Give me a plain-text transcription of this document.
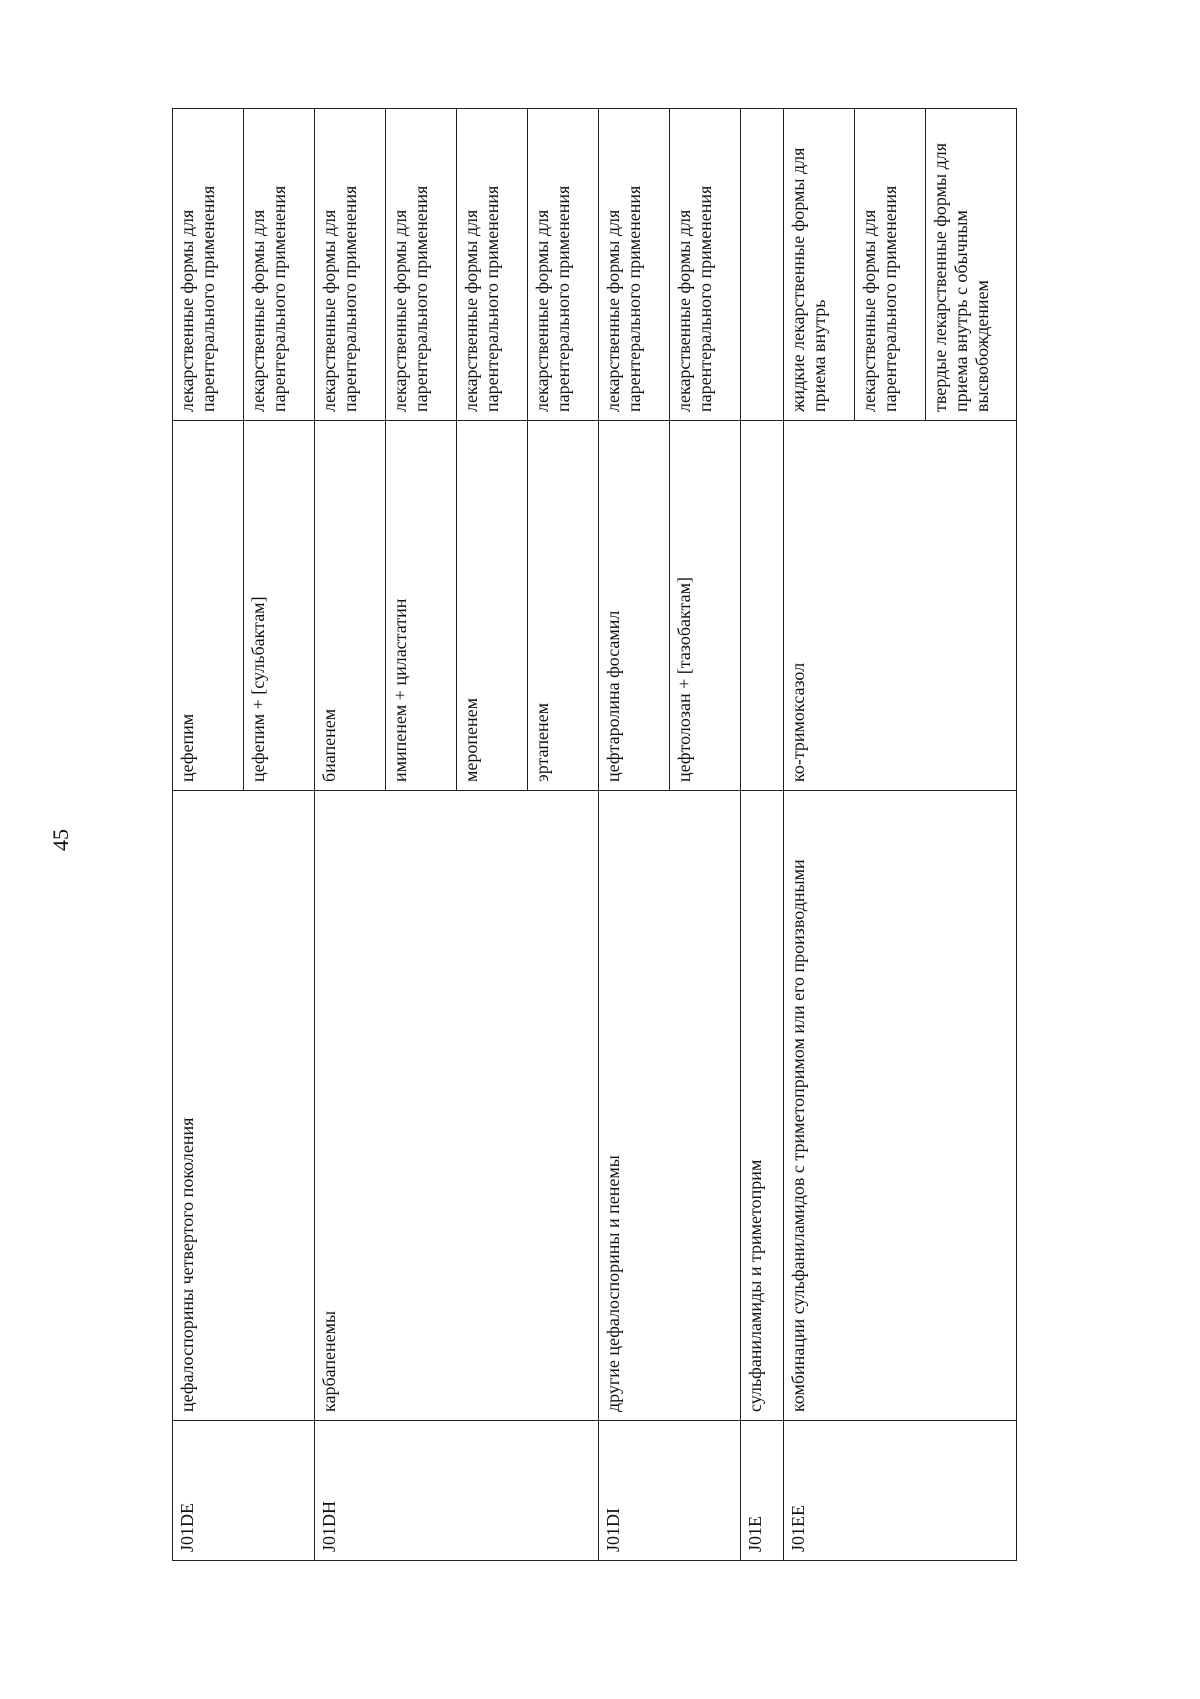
45
J01DE	цефалоспорины четвертого поколения	цефепим	лекарственные формы для парентерального применения
		цефепим + [сульбактам]	лекарственные формы для парентерального применения
J01DH	карбапенемы	биапенем	лекарственные формы для парентерального применения
		имипенем + циластатин	лекарственные формы для парентерального применения
		меропенем	лекарственные формы для парентерального применения
		эртапенем	лекарственные формы для парентерального применения
J01DI	другие цефалоспорины и пенемы	цефтаролина фосамил	лекарственные формы для парентерального применения
		цефтолозан + [тазобактам]	лекарственные формы для парентерального применения
J01E	сульфаниламиды и триметоприм		
J01EE	комбинации сульфаниламидов с триметопримом или его производными	ко-тримоксазол	жидкие лекарственные формы для приема внутрь
			лекарственные формы для парентерального применения
			твердые лекарственные формы для приема внутрь с обычным высвобождением
